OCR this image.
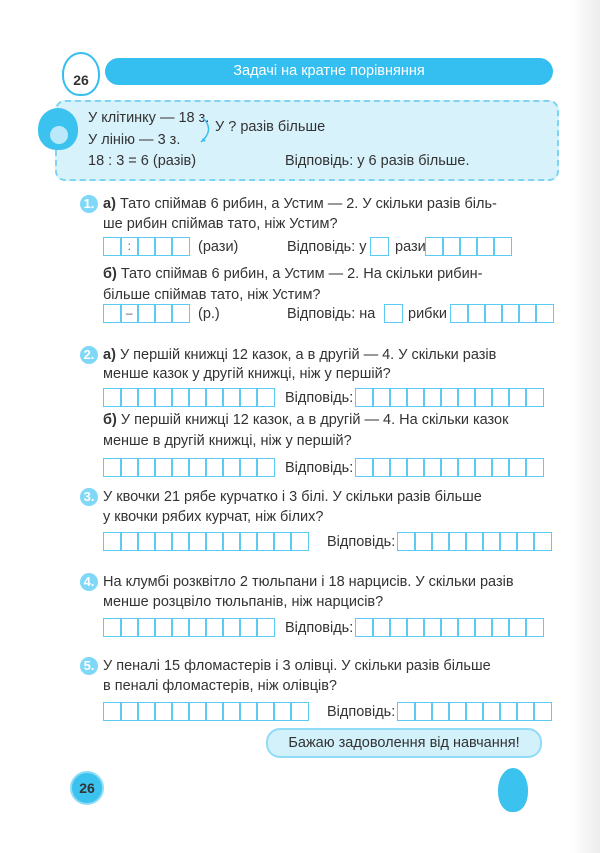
26
Задачі на кратне порівняння
У клітинку — 18 з.
У ? разів більше
У лінію — 3 з.
18 : 3 = 6 (разів)	Відповідь: у 6 разів більше.
1. а) Тато спіймав 6 рибин, а Устим — 2. У скільки разів біль-
ше рибин спіймав тато, ніж Устим?
:	(рази)	Відповідь: у рази
б) Тато спіймав 6 рибин, а Устим — 2. На скільки рибин-
більше спіймав тато, ніж Устим?
–	(р.)	Відповідь: на рибки
2. а) У першій книжці 12 казок, а в другій — 4. У скільки разів
менше казок у другій книжці, ніж у першій?
Відповідь:
б) У першій книжці 12 казок, а в другій — 4. На скільки казок
менше в другій книжці, ніж у першій?
Відповідь:
3. У квочки 21 рябе курчатко і 3 білі. У скільки разів більше
у квочки рябих курчат, ніж білих?
Відповідь:
4. На клумбі розквітло 2 тюльпани і 18 нарцисів. У скільки разів
менше розцвіло тюльпанів, ніж нарцисів?
Відповідь:
5. У пеналі 15 фломастерів і 3 олівці. У скільки разів більше
в пеналі фломастерів, ніж олівців?
Відповідь:
Бажаю задоволення від навчання!
26
